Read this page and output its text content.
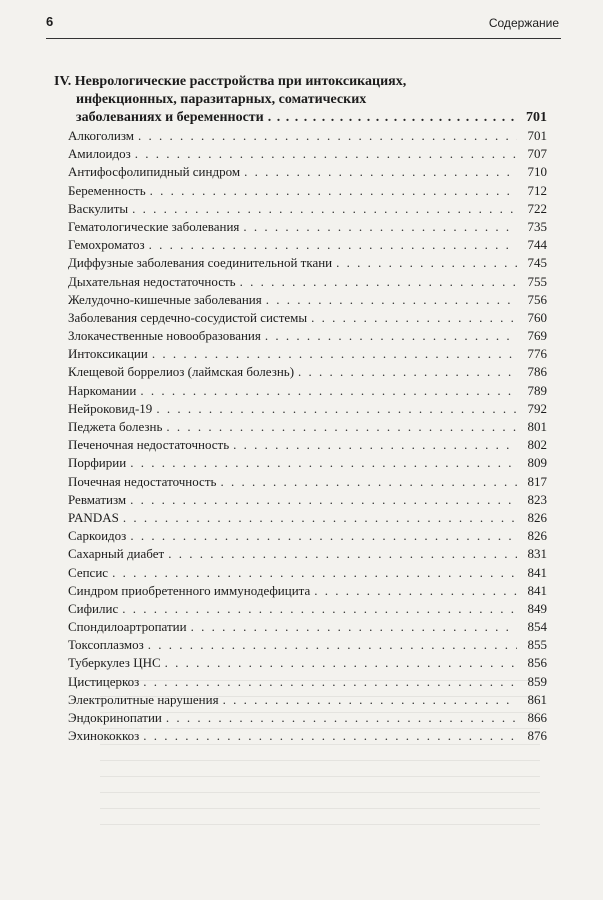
6	Содержание
IV. Неврологические расстройства при интоксикациях,
инфекционных, паразитарных, соматических
заболеваниях и беременности . . .	701
Алкоголизм . . .	701
Амилоидоз . . .	707
Антифосфолипидный синдром . . .	710
Беременность . . .	712
Васкулиты . . .	722
Гематологические заболевания . . .	735
Гемохроматоз . . .	744
Диффузные заболевания соединительной ткани . . .	745
Дыхательная недостаточность . . .	755
Желудочно-кишечные заболевания . . .	756
Заболевания сердечно-сосудистой системы . . .	760
Злокачественные новообразования . . .	769
Интоксикации . . .	776
Клещевой боррелиоз (лаймская болезнь) . . .	786
Наркомании . . .	789
Нейроковид-19 . . .	792
Педжета болезнь . . .	801
Печеночная недостаточность . . .	802
Порфирии . . .	809
Почечная недостаточность . . .	817
Ревматизм . . .	823
PANDAS . . .	826
Саркоидоз . . .	826
Сахарный диабет . . .	831
Сепсис . . .	841
Синдром приобретенного иммунодефицита . . .	841
Сифилис . . .	849
Спондилоартропатии . . .	854
Токсоплазмоз . . .	855
Туберкулез ЦНС . . .	856
Цистицеркоз . . .	859
Электролитные нарушения . . .	861
Эндокринопатии . . .	866
Эхинококкоз . . .	876
